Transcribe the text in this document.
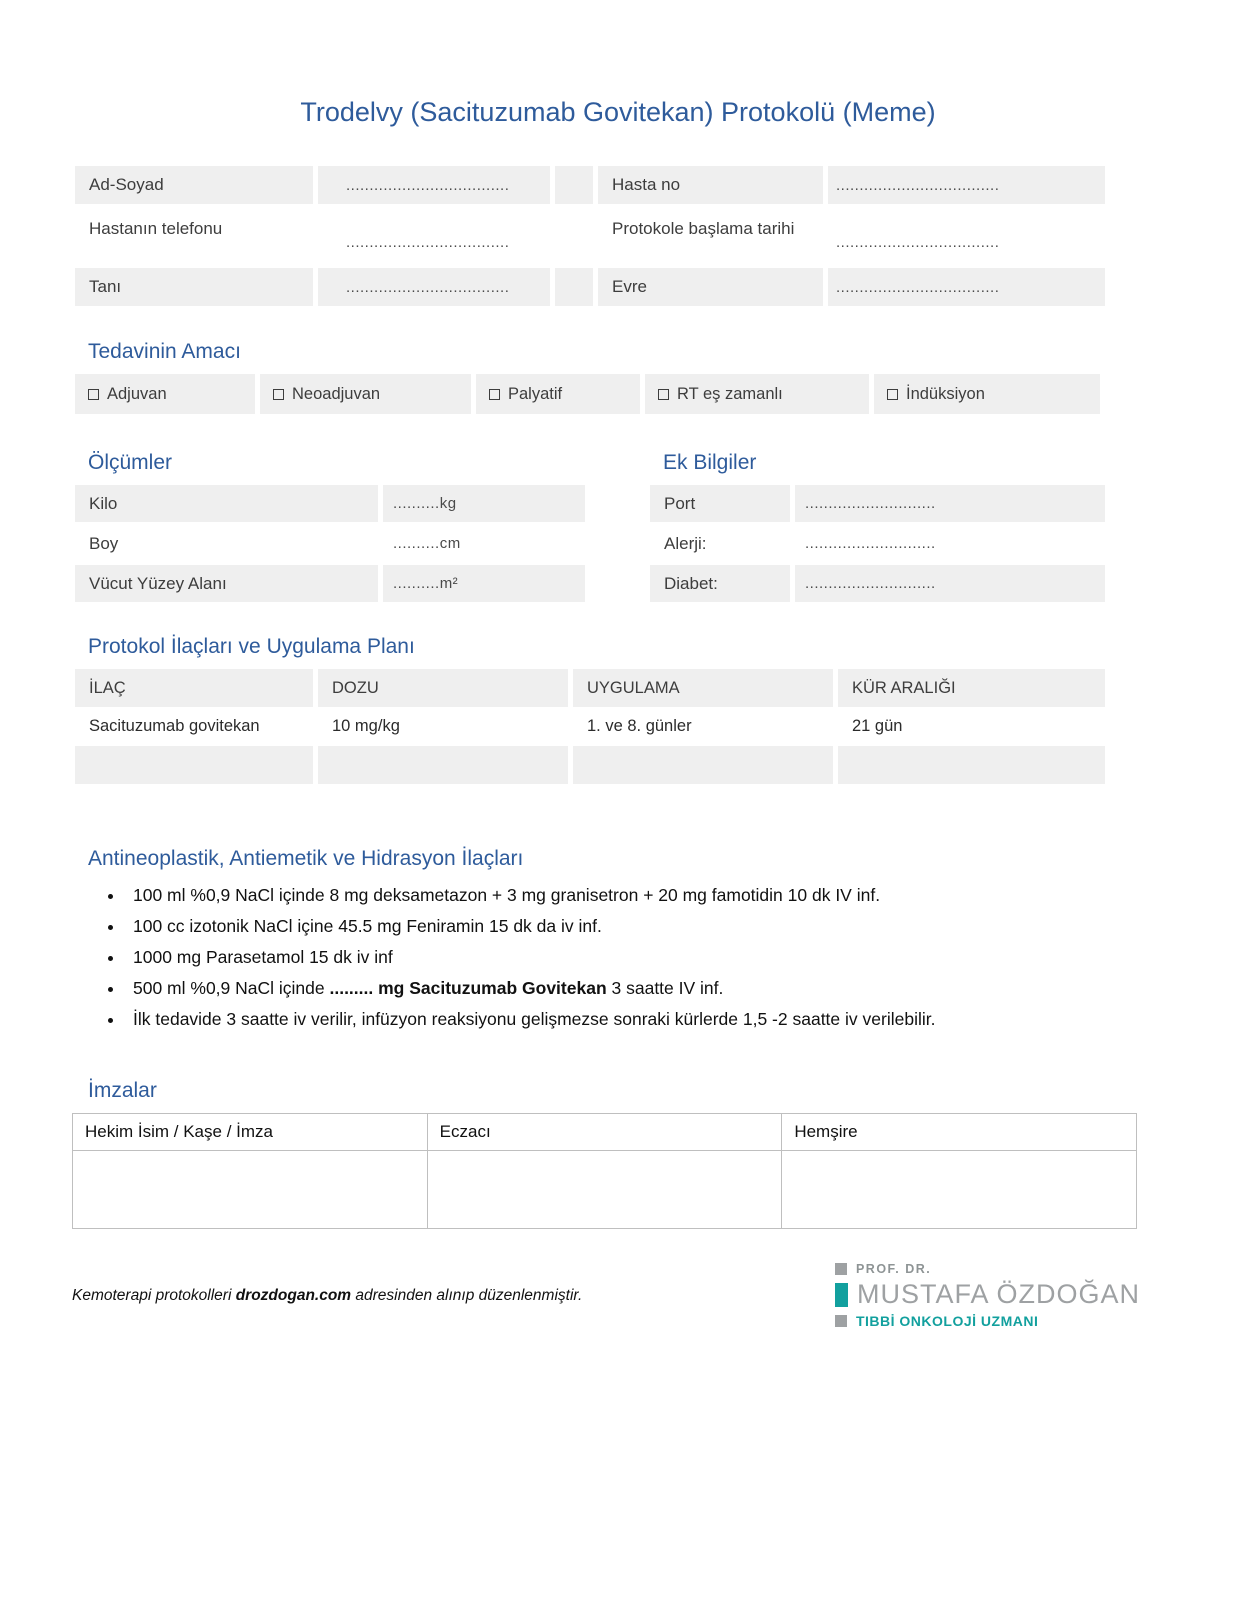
Trodelvy (Sacituzumab Govitekan) Protokolü (Meme)
Ad-Soyad	...................................	Hasta no	...................................
Hastanın telefonu
...................................
Protokole başlama tarihi
...................................
Tanı	...................................	Evre	...................................
Tedavinin Amacı
Adjuvan	Neoadjuvan	Palyatif	RT eş zamanlı	İndüksiyon
Ölçümler	Ek Bilgiler
Kilo	.......... kg
Boy	.......... cm
Vücut Yüzey Alanı	.......... m²
Port	............................
Alerji:	............................
Diabet:	............................
Protokol İlaçları ve Uygulama Planı
İLAÇ	DOZU	UYGULAMA	KÜR ARALIĞI
Sacituzumab govitekan	10 mg/kg	1. ve 8. günler	21 gün
Antineoplastik, Antiemetik ve Hidrasyon İlaçları
• 100 ml %0,9 NaCl içinde 8 mg deksametazon + 3 mg granisetron + 20 mg famotidin 10 dk IV inf.
• 100 cc izotonik NaCl içine 45.5 mg Feniramin 15 dk da iv inf.
• 1000 mg Parasetamol 15 dk iv inf
• 500 ml %0,9 NaCl içinde ......... mg Sacituzumab Govitekan 3 saatte IV inf.
• İlk tedavide 3 saatte iv verilir, infüzyon reaksiyonu gelişmezse sonraki kürlerde 1,5 -2 saatte iv verilebilir.
İmzalar
Hekim İsim / Kaşe / İmza	Eczacı	Hemşire

Kemoterapi protokolleri drozdogan.com adresinden alınıp düzenlenmiştir.
PROF. DR.
MUSTAFA ÖZDOĞAN
TIBBİ ONKOLOJİ UZMANI
